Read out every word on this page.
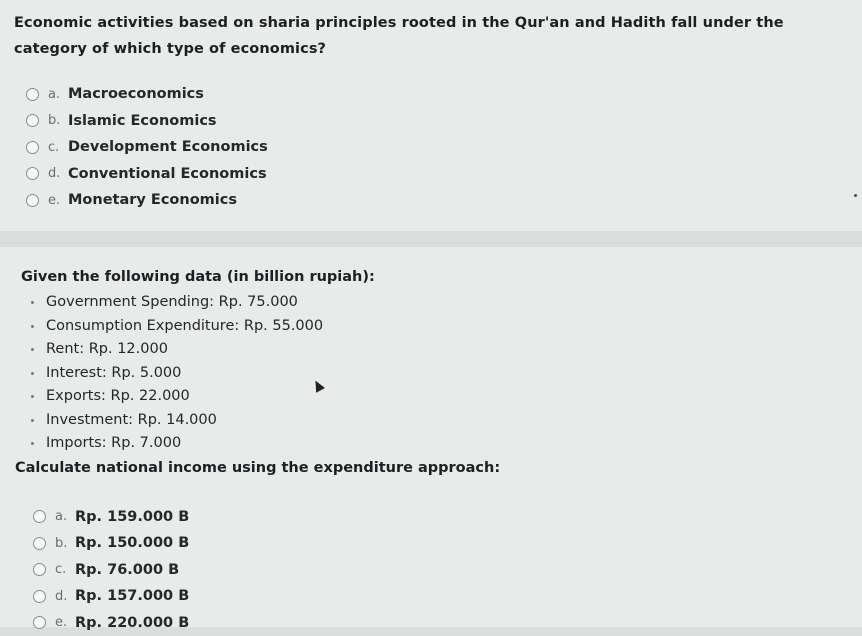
Economic activities based on sharia principles rooted in the Qur'an and Hadith fall under the category of which type of economics?

a. Macroeconomics
b. Islamic Economics
c. Development Economics
d. Conventional Economics
e. Monetary Economics

Given the following data (in billion rupiah):

Government Spending: Rp. 75.000
Consumption Expenditure: Rp. 55.000
Rent: Rp. 12.000
Interest: Rp. 5.000
Exports: Rp. 22.000
Investment: Rp. 14.000
Imports: Rp. 7.000

Calculate national income using the expenditure approach:

a. Rp. 159.000 B
b. Rp. 150.000 B
c. Rp. 76.000 B
d. Rp. 157.000 B
e. Rp. 220.000 B
